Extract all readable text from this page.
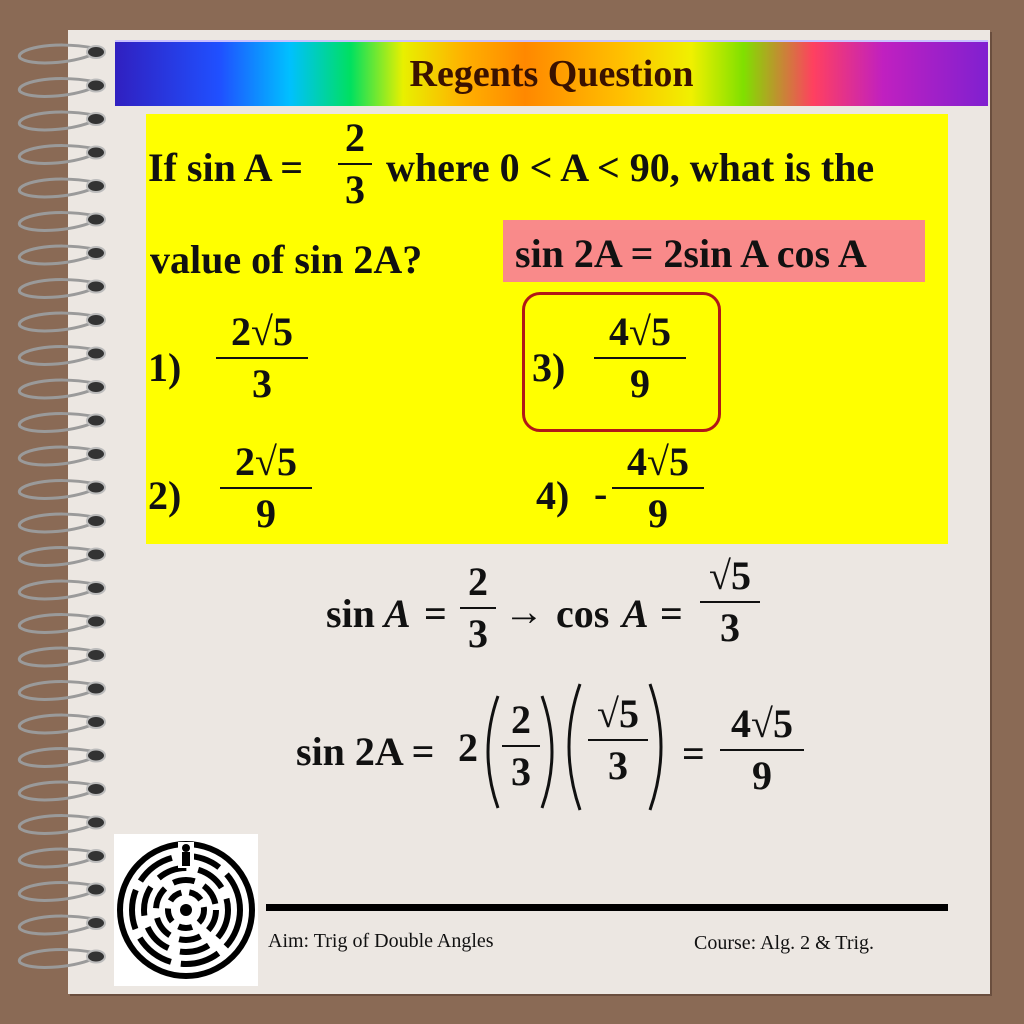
Regents Question
If sin A =
2
3 where 0 < A < 90, what is the
value of sin 2A? sin 2A = 2sin A cos A
1)
2√5
3
2)
2√5
9
3)
4√5
9
4) -
4√5
9
sin A =
2
3 → cos A =
√5
3
sin 2A = 2
2
3
√5
3	=
4√5
9
Aim: Trig of Double Angles	Course: Alg. 2 & Trig.
